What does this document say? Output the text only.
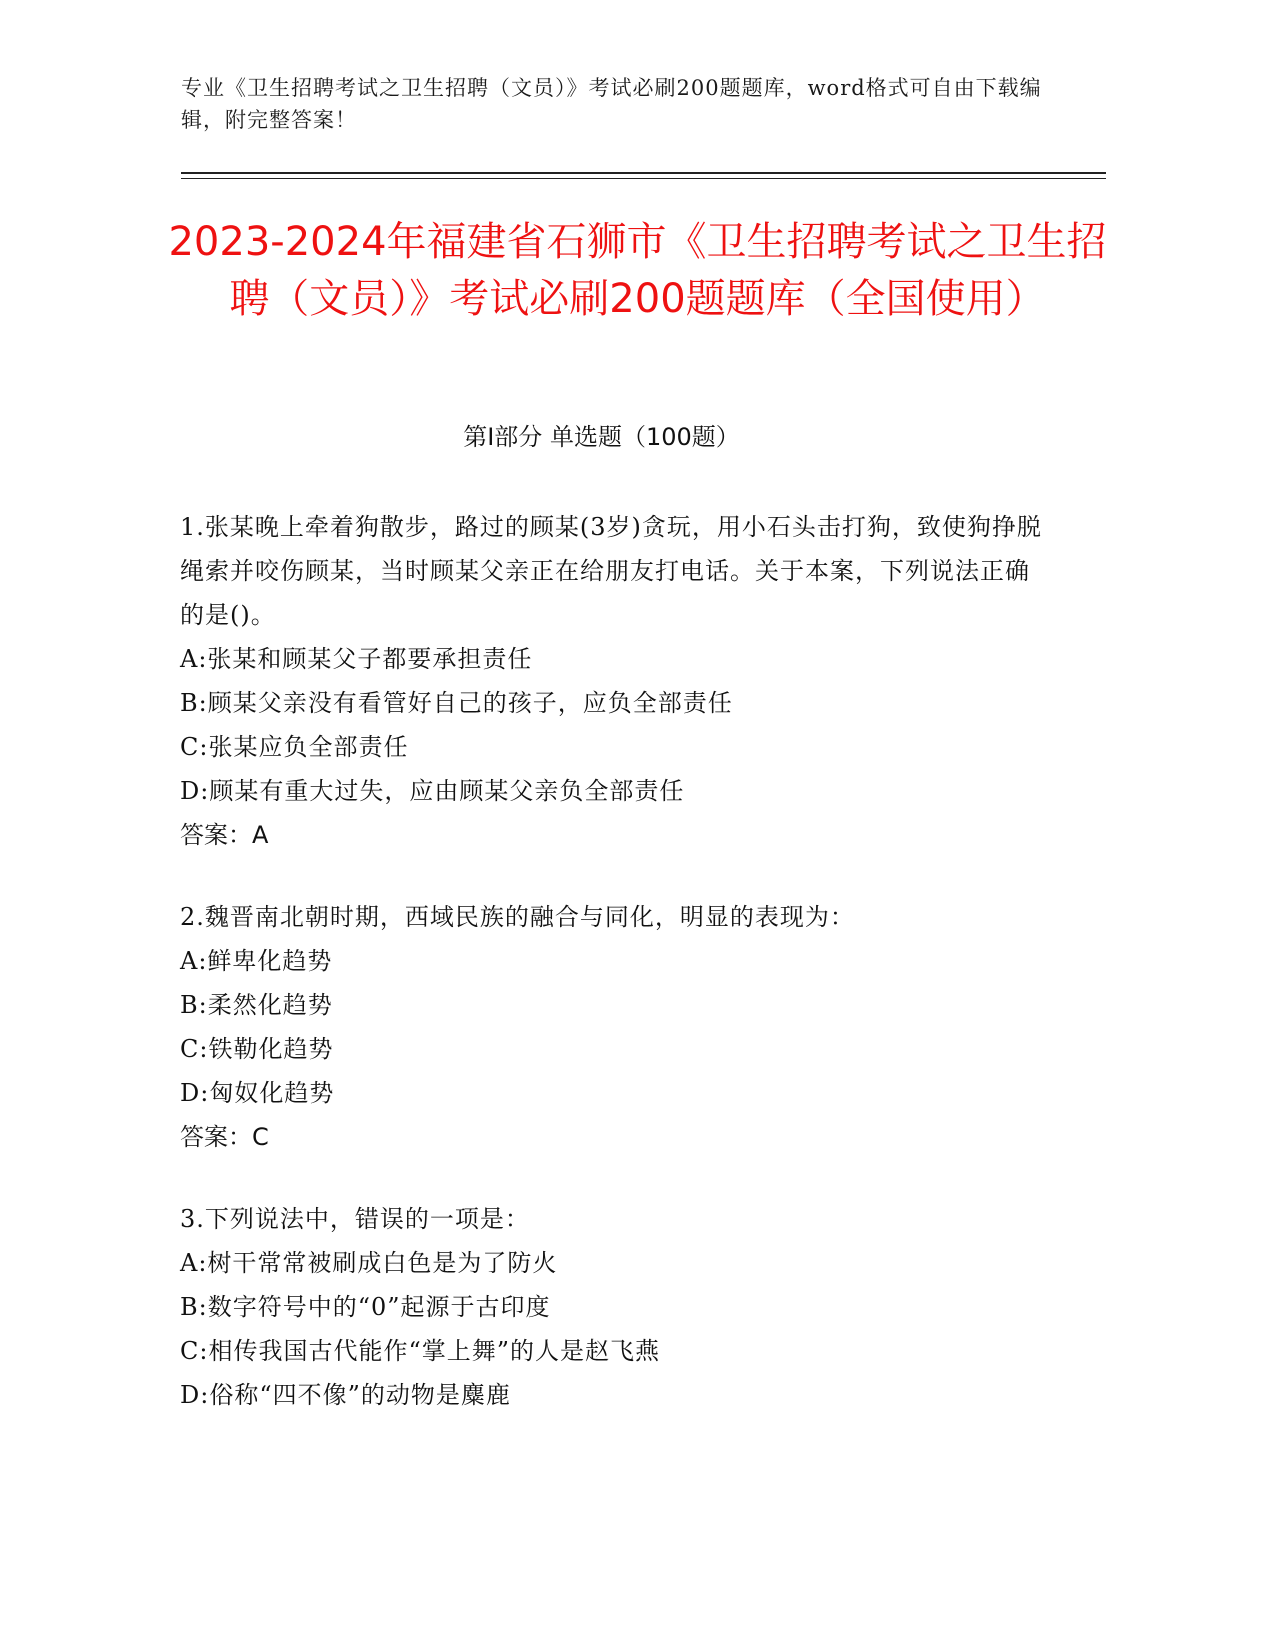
专业《卫生招聘考试之卫生招聘（文员）》考试必刷200题题库，word格式可自由下载编辑，附完整答案！
2023-2024年福建省石狮市《卫生招聘考试之卫生招聘（文员）》考试必刷200题题库（全国使用）
第I部分 单选题（100题）
1.张某晚上牵着狗散步，路过的顾某(3岁)贪玩，用小石头击打狗，致使狗挣脱绳索并咬伤顾某，当时顾某父亲正在给朋友打电话。关于本案，下列说法正确的是()。
A:张某和顾某父子都要承担责任
B:顾某父亲没有看管好自己的孩子，应负全部责任
C:张某应负全部责任
D:顾某有重大过失，应由顾某父亲负全部责任
答案：A
2.魏晋南北朝时期，西域民族的融合与同化，明显的表现为：
A:鲜卑化趋势
B:柔然化趋势
C:铁勒化趋势
D:匈奴化趋势
答案：C
3.下列说法中，错误的一项是：
A:树干常常被刷成白色是为了防火
B:数字符号中的“0”起源于古印度
C:相传我国古代能作“掌上舞”的人是赵飞燕
D:俗称“四不像”的动物是麋鹿
